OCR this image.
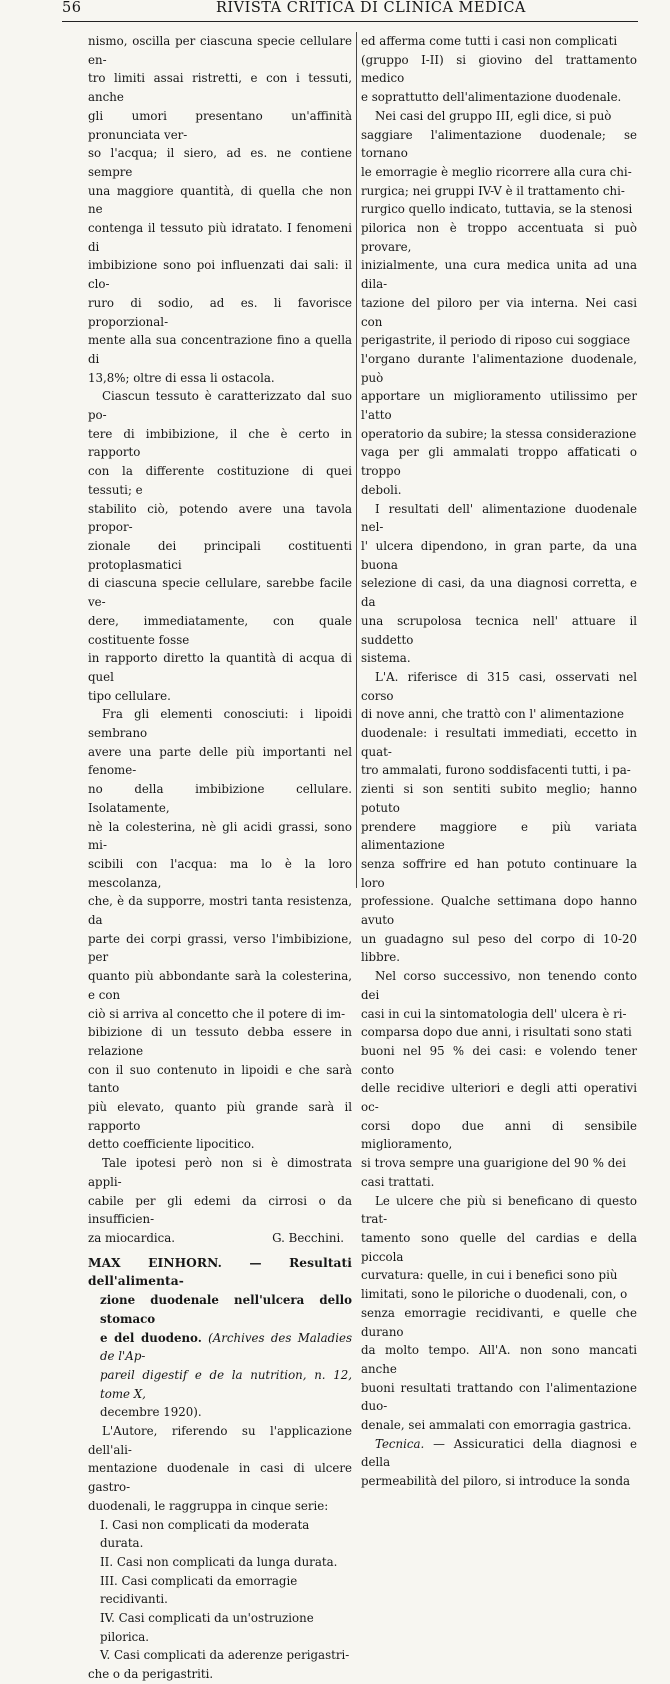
56	RIVISTA CRITICA DI CLINICA MEDICA

nismo, oscilla per ciascuna specie cellulare en-

tro limiti assai ristretti, e con i tessuti, anche

gli umori presentano un'affinità pronunciata ver-

so l'acqua; il siero, ad es. ne contiene sempre

una maggiore quantità, di quella che non ne

contenga il tessuto più idratato. I fenomeni di

imbibizione sono poi influenzati dai sali: il clo-

ruro di sodio, ad es. li favorisce proporzional-

mente alla sua concentrazione fino a quella di

13,8%; oltre di essa li ostacola.

Ciascun tessuto è caratterizzato dal suo po-

tere di imbibizione, il che è certo in rapporto

con la differente costituzione di quei tessuti; e

stabilito ciò, potendo avere una tavola propor-

zionale dei principali costituenti protoplasmatici

di ciascuna specie cellulare, sarebbe facile ve-

dere, immediatamente, con quale costituente fosse

in rapporto diretto la quantità di acqua di quel

tipo cellulare.

Fra gli elementi conosciuti: i lipoidi sembrano

avere una parte delle più importanti nel fenome-

no della imbibizione cellulare. Isolatamente,

nè la colesterina, nè gli acidi grassi, sono mi-

scibili con l'acqua: ma lo è la loro mescolanza,

che, è da supporre, mostri tanta resistenza, da

parte dei corpi grassi, verso l'imbibizione, per

quanto più abbondante sarà la colesterina, e con

ciò si arriva al concetto che il potere di im-

bibizione di un tessuto debba essere in relazione

con il suo contenuto in lipoidi e che sarà tanto

più elevato, quanto più grande sarà il rapporto

detto coefficiente lipocitico.

Tale ipotesi però non si è dimostrata appli-

cabile per gli edemi da cirrosi o da insufficien-

za miocardica.	G. Becchini.

MAX EINHORN. — Resultati dell'alimenta-

zione duodenale nell'ulcera dello stomaco

e del duodeno. (Archives des Maladies de l'Ap-

pareil digestif e de la nutrition, n. 12, tome X,

decembre 1920).

L'Autore, riferendo su l'applicazione dell'ali-

mentazione duodenale in casi di ulcere gastro-

duodenali, le raggruppa in cinque serie:

I. Casi non complicati da moderata durata.

II. Casi non complicati da lunga durata.

III. Casi complicati da emorragie recidivanti.

IV. Casi complicati da un'ostruzione pilorica.

V. Casi complicati da aderenze perigastri-

che o da perigastriti.

ed afferma come tutti i casi non complicati

(gruppo I-II) si giovino del trattamento medico

e soprattutto dell'alimentazione duodenale.

Nei casi del gruppo III, egli dice, si può

saggiare l'alimentazione duodenale; se tornano

le emorragie è meglio ricorrere alla cura chi-

rurgica; nei gruppi IV-V è il trattamento chi-

rurgico quello indicato, tuttavia, se la stenosi

pilorica non è troppo accentuata si può provare,

inizialmente, una cura medica unita ad una dila-

tazione del piloro per via interna. Nei casi con

perigastrite, il periodo di riposo cui soggiace

l'organo durante l'alimentazione duodenale, può

apportare un miglioramento utilissimo per l'atto

operatorio da subire; la stessa considerazione

vaga per gli ammalati troppo affaticati o troppo

deboli.

I resultati dell' alimentazione duodenale nel-

l' ulcera dipendono, in gran parte, da una buona

selezione di casi, da una diagnosi corretta, e da

una scrupolosa tecnica nell' attuare il suddetto

sistema.

L'A. riferisce di 315 casi, osservati nel corso

di nove anni, che trattò con l' alimentazione

duodenale: i resultati immediati, eccetto in quat-

tro ammalati, furono soddisfacenti tutti, i pa-

zienti si son sentiti subito meglio; hanno potuto

prendere maggiore e più variata alimentazione

senza soffrire ed han potuto continuare la loro

professione. Qualche settimana dopo hanno avuto

un guadagno sul peso del corpo di 10-20 libbre.

Nel corso successivo, non tenendo conto dei

casi in cui la sintomatologia dell' ulcera è ri-

comparsa dopo due anni, i risultati sono stati

buoni nel 95 % dei casi: e volendo tener conto

delle recidive ulteriori e degli atti operativi oc-

corsi dopo due anni di sensibile miglioramento,

si trova sempre una guarigione del 90 % dei

casi trattati.

Le ulcere che più si beneficano di questo trat-

tamento sono quelle del cardias e della piccola

curvatura: quelle, in cui i benefici sono più

limitati, sono le piloriche o duodenali, con, o

senza emorragie recidivanti, e quelle che durano

da molto tempo. All'A. non sono mancati anche

buoni resultati trattando con l'alimentazione duo-

denale, sei ammalati con emorragia gastrica.

Tecnica. — Assicuratici della diagnosi e della

permeabilità del piloro, si introduce la sonda
